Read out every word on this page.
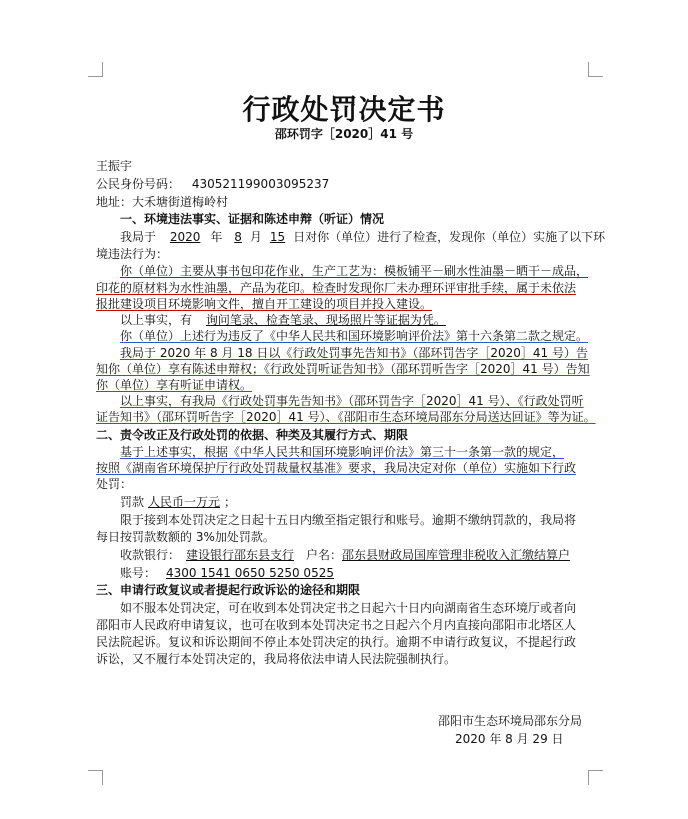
行政处罚决定书
邵环罚字［2020］41 号
王振宇
公民身份号码： 430521199003095237
地址：大禾塘街道梅岭村
一、环境违法事实、证据和陈述申辩（听证）情况
我局于 2020 年 8 月 15 日对你（单位）进行了检查，发现你（单位）实施了以下环
境违法行为：
你（单位）主要从事书包印花作业，生产工艺为：模板铺平－刷水性油墨－晒干－成品，
印花的原材料为水性油墨，产品为花印。检查时发现你厂未办理环评审批手续，属于未依法
报批建设项目环境影响文件，擅自开工建设的项目并投入建设。
以上事实，有 询问笔录、检查笔录、现场照片等证据为凭。
你（单位）上述行为违反了《中华人民共和国环境影响评价法》第十六条第二款之规定。
我局于 2020 年 8 月 18 日以《行政处罚事先告知书》（邵环罚告字［2020］41 号）告
知你（单位）享有陈述申辩权；《行政处罚听证告知书》（邵环罚听告字［2020］41 号）告知
你（单位）享有听证申请权。
以上事实，有我局《行政处罚事先告知书》（邵环罚告字［2020］41 号）、《行政处罚听
证告知书》（邵环罚听告字［2020］41 号）、《邵阳市生态环境局邵东分局送达回证》等为证。
二、责令改正及行政处罚的依据、种类及其履行方式、期限
基于上述事实，根据《中华人民共和国环境影响评价法》第三十一条第一款的规定，
按照《湖南省环境保护厅行政处罚裁量权基准》要求，我局决定对你（单位）实施如下行政
处罚：
罚款 人民币一万元 ；
限于接到本处罚决定之日起十五日内缴至指定银行和账号。逾期不缴纳罚款的，我局将
每日按罚款数额的 3%加处罚款。
收款银行： 建设银行邵东县支行 户名：邵东县财政局国库管理非税收入汇缴结算户
账号： 4300 1541 0650 5250 0525
三、申请行政复议或者提起行政诉讼的途径和期限
如不服本处罚决定，可在收到本处罚决定书之日起六十日内向湖南省生态环境厅或者向
邵阳市人民政府申请复议，也可在收到本处罚决定书之日起六个月内直接向邵阳市北塔区人
民法院起诉。复议和诉讼期间不停止本处罚决定的执行。逾期不申请行政复议，不提起行政
诉讼，又不履行本处罚决定的，我局将依法申请人民法院强制执行。
邵阳市生态环境局邵东分局
2020 年 8 月 29 日
